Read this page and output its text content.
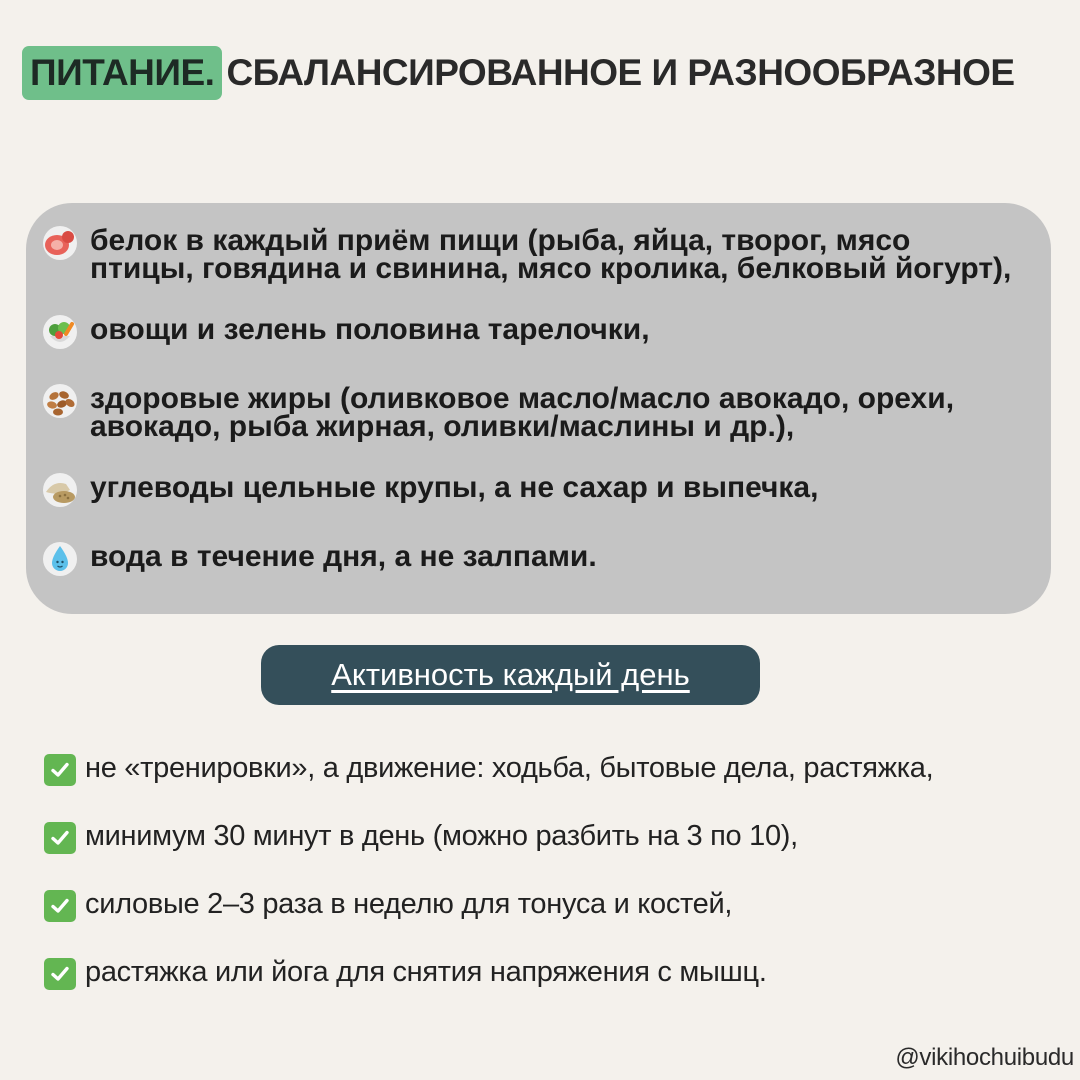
ПИТАНИЕ. СБАЛАНСИРОВАННОЕ И РАЗНООБРАЗНОЕ
белок в каждый приём пищи (рыба, яйца, творог, мясо птицы, говядина и свинина, мясо кролика, белковый йогурт),
овощи и зелень половина тарелочки,
здоровые жиры (оливковое масло/масло авокадо, орехи, авокадо, рыба жирная, оливки/маслины и др.),
углеводы цельные крупы, а не сахар и выпечка,
вода в течение дня, а не залпами.
Активность каждый день
не «тренировки», а движение: ходьба, бытовые дела, растяжка,
минимум 30 минут в день (можно разбить на 3 по 10),
силовые 2–3 раза в неделю для тонуса и костей,
растяжка или йога для снятия напряжения с мышц.
@vikihochuibudu
